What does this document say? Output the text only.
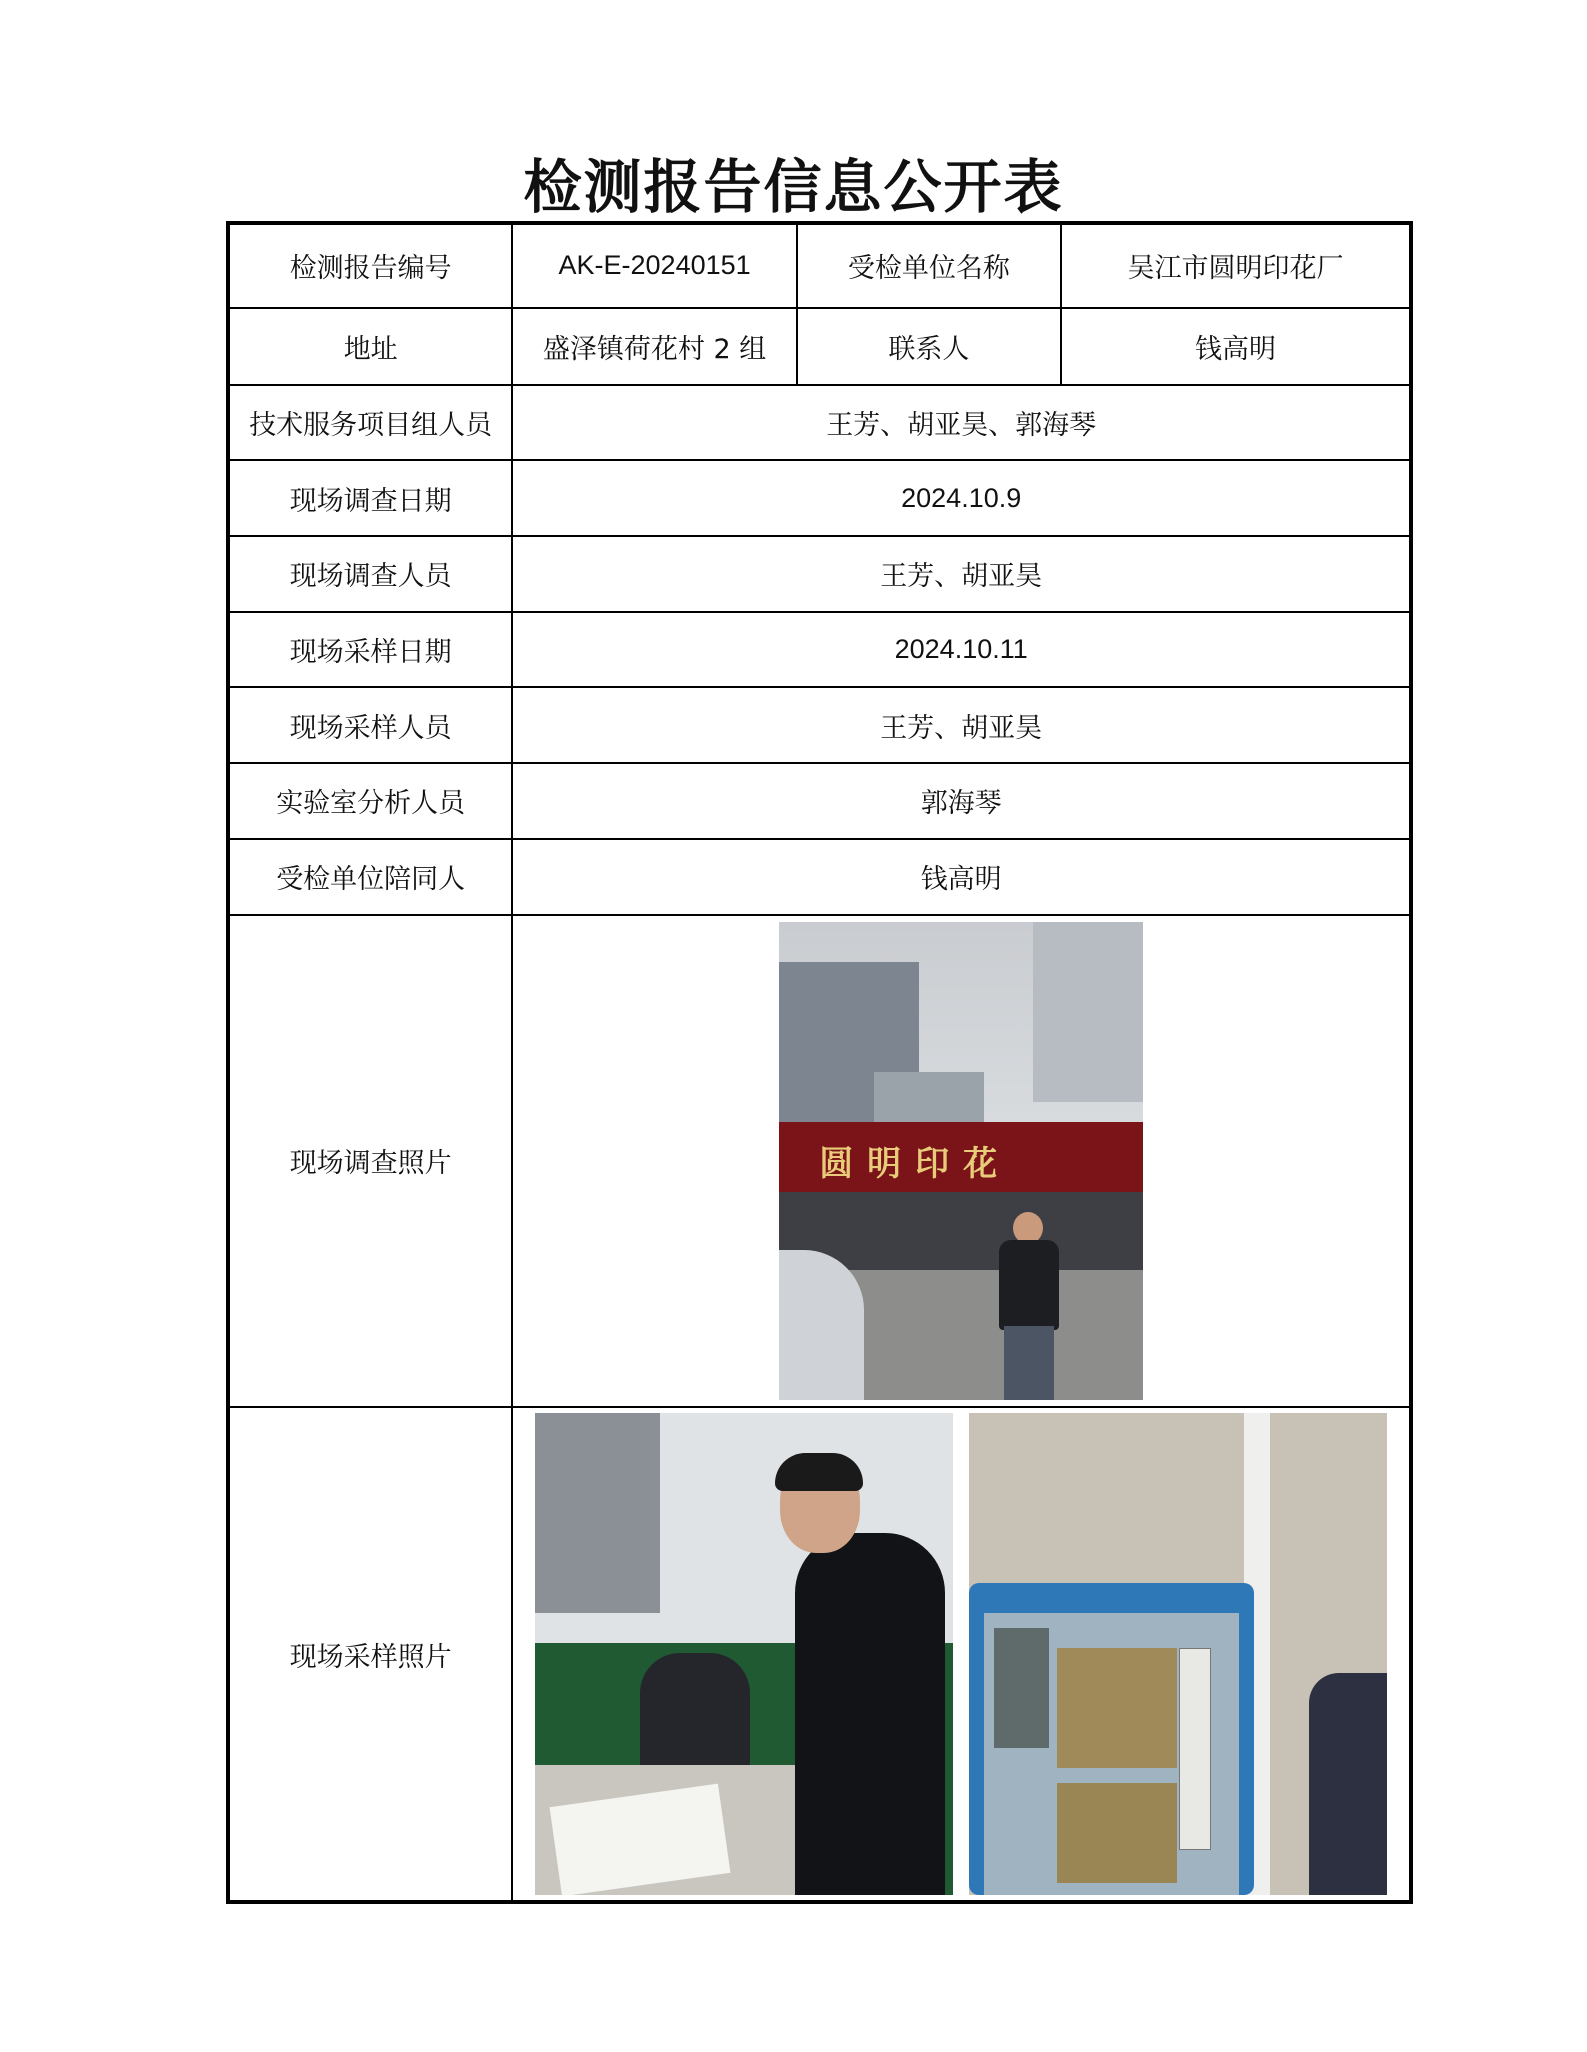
检测报告信息公开表
检测报告编号	AK-E-20240151	受检单位名称	吴江市圆明印花厂
地址	盛泽镇荷花村 2 组	联系人	钱高明
技术服务项目组人员	王芳、胡亚昊、郭海琴		
现场调查日期	2024.10.9		
现场调查人员	王芳、胡亚昊		
现场采样日期	2024.10.11		
现场采样人员	王芳、胡亚昊		
实验室分析人员	郭海琴		
受检单位陪同人	钱高明		
现场调查照片	圆明印花		

现场采样照片			
